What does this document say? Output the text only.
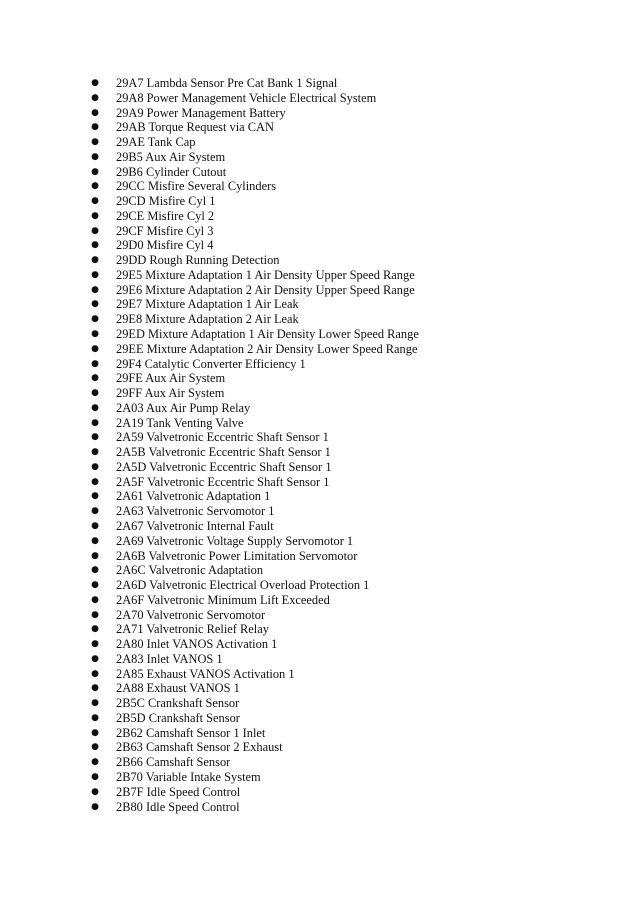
● 29A7 Lambda Sensor Pre Cat Bank 1 Signal
● 29A8 Power Management Vehicle Electrical System
● 29A9 Power Management Battery
● 29AB Torque Request via CAN
● 29AE Tank Cap
● 29B5 Aux Air System
● 29B6 Cylinder Cutout
● 29CC Misfire Several Cylinders
● 29CD Misfire Cyl 1
● 29CE Misfire Cyl 2
● 29CF Misfire Cyl 3
● 29D0 Misfire Cyl 4
● 29DD Rough Running Detection
● 29E5 Mixture Adaptation 1 Air Density Upper Speed Range
● 29E6 Mixture Adaptation 2 Air Density Upper Speed Range
● 29E7 Mixture Adaptation 1 Air Leak
● 29E8 Mixture Adaptation 2 Air Leak
● 29ED Mixture Adaptation 1 Air Density Lower Speed Range
● 29EE Mixture Adaptation 2 Air Density Lower Speed Range
● 29F4 Catalytic Converter Efficiency 1
● 29FE Aux Air System
● 29FF Aux Air System
● 2A03 Aux Air Pump Relay
● 2A19 Tank Venting Valve
● 2A59 Valvetronic Eccentric Shaft Sensor 1
● 2A5B Valvetronic Eccentric Shaft Sensor 1
● 2A5D Valvetronic Eccentric Shaft Sensor 1
● 2A5F Valvetronic Eccentric Shaft Sensor 1
● 2A61 Valvetronic Adaptation 1
● 2A63 Valvetronic Servomotor 1
● 2A67 Valvetronic Internal Fault
● 2A69 Valvetronic Voltage Supply Servomotor 1
● 2A6B Valvetronic Power Limitation Servomotor
● 2A6C Valvetronic Adaptation
● 2A6D Valvetronic Electrical Overload Protection 1
● 2A6F Valvetronic Minimum Lift Exceeded
● 2A70 Valvetronic Servomotor
● 2A71 Valvetronic Relief Relay
● 2A80 Inlet VANOS Activation 1
● 2A83 Inlet VANOS 1
● 2A85 Exhaust VANOS Activation 1
● 2A88 Exhaust VANOS 1
● 2B5C Crankshaft Sensor
● 2B5D Crankshaft Sensor
● 2B62 Camshaft Sensor 1 Inlet
● 2B63 Camshaft Sensor 2 Exhaust
● 2B66 Camshaft Sensor
● 2B70 Variable Intake System
● 2B7F Idle Speed Control
● 2B80 Idle Speed Control
